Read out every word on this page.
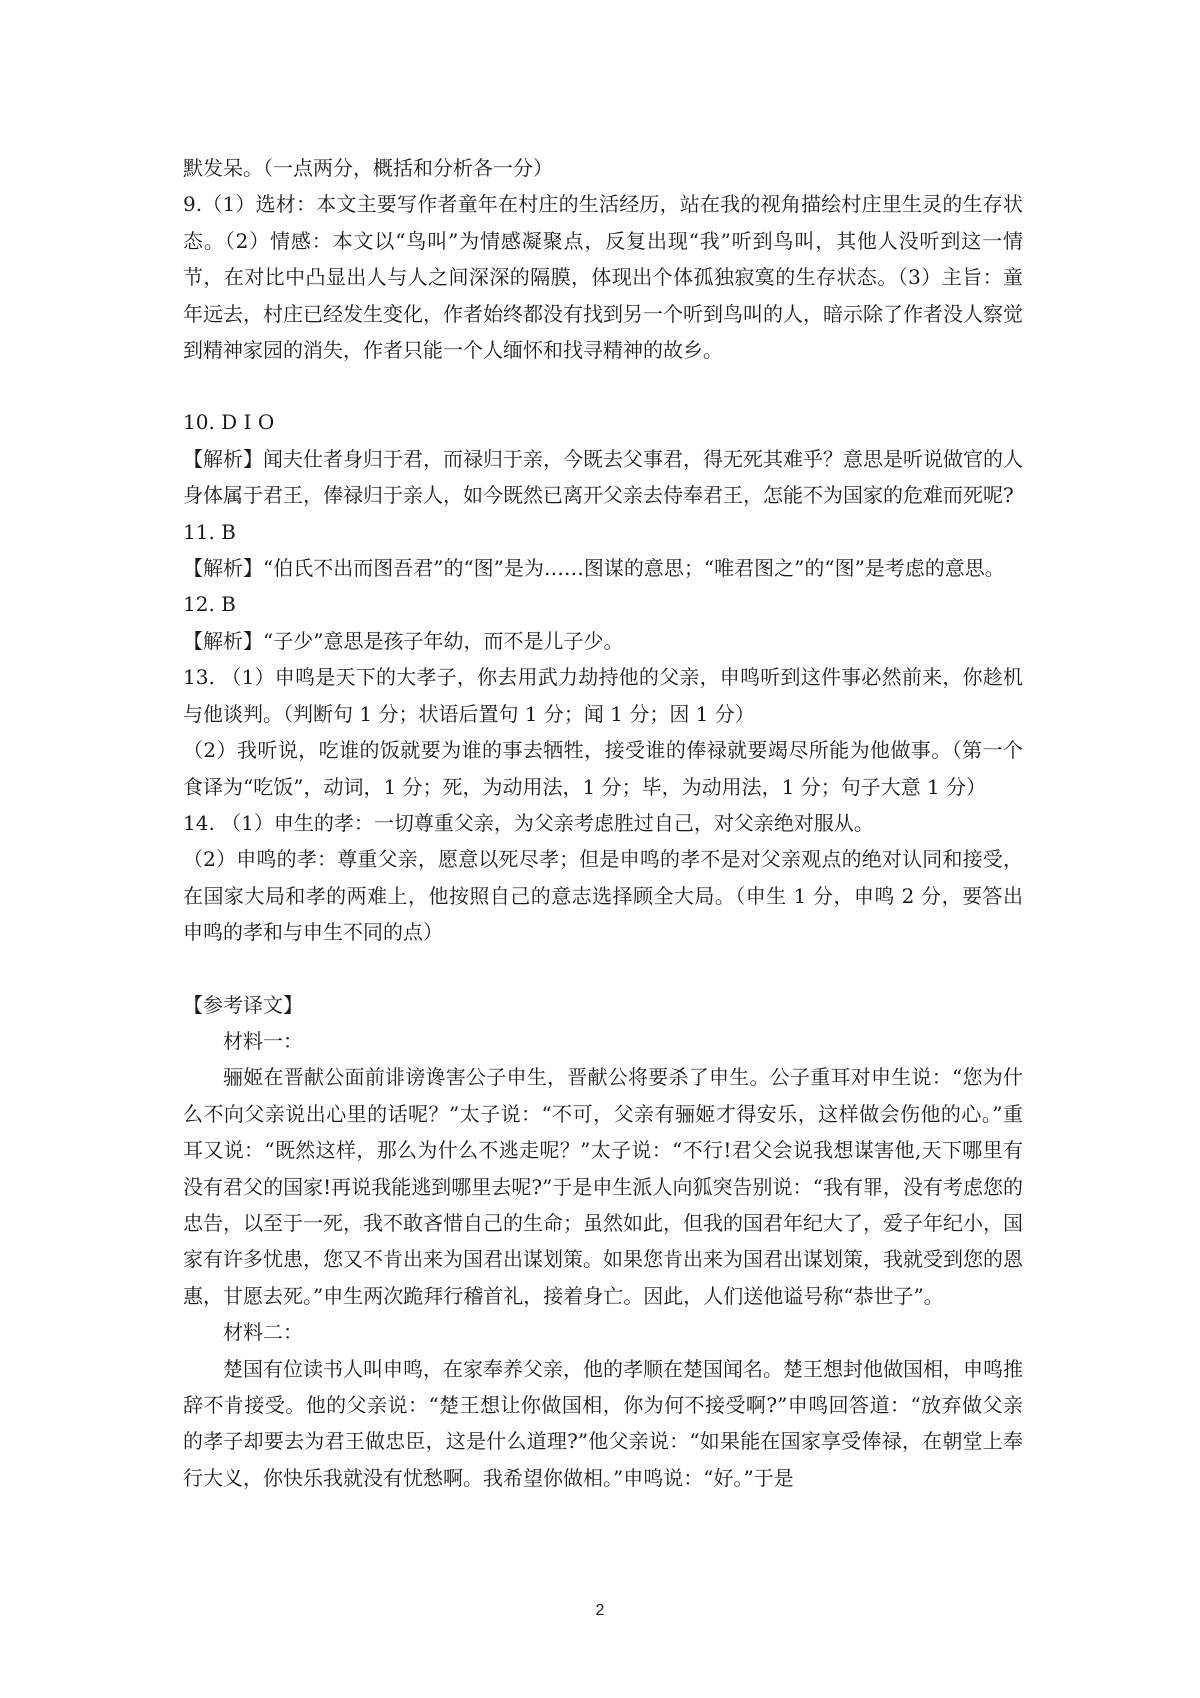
默发呆。（一点两分，概括和分析各一分）

9.（1）选材：本文主要写作者童年在村庄的生活经历，站在我的视角描绘村庄里生灵的生存状态。（2）情感：本文以“鸟叫”为情感凝聚点，反复出现“我”听到鸟叫，其他人没听到这一情节，在对比中凸显出人与人之间深深的隔膜，体现出个体孤独寂寞的生存状态。（3）主旨：童年远去，村庄已经发生变化，作者始终都没有找到另一个听到鸟叫的人，暗示除了作者没人察觉到精神家园的消失，作者只能一个人缅怀和找寻精神的故乡。

10. D I O

【解析】闻夫仕者身归于君，而禄归于亲，今既去父事君，得无死其难乎？意思是听说做官的人身体属于君王，俸禄归于亲人，如今既然已离开父亲去侍奉君王，怎能不为国家的危难而死呢?

11. B

【解析】“伯氏不出而图吾君”的“图”是为……图谋的意思；“唯君图之”的“图”是考虑的意思。

12. B

【解析】“子少”意思是孩子年幼，而不是儿子少。

13. （1）申鸣是天下的大孝子，你去用武力劫持他的父亲，申鸣听到这件事必然前来，你趁机与他谈判。（判断句 1 分；状语后置句 1 分；闻 1 分；因 1 分）

（2）我听说，吃谁的饭就要为谁的事去牺牲，接受谁的俸禄就要竭尽所能为他做事。（第一个食译为“吃饭”，动词，1 分；死，为动用法，1 分；毕，为动用法，1 分；句子大意 1 分）

14. （1）申生的孝：一切尊重父亲，为父亲考虑胜过自己，对父亲绝对服从。

（2）申鸣的孝：尊重父亲，愿意以死尽孝；但是申鸣的孝不是对父亲观点的绝对认同和接受，在国家大局和孝的两难上，他按照自己的意志选择顾全大局。（申生 1 分，申鸣 2 分，要答出申鸣的孝和与申生不同的点）

【参考译文】

材料一：

骊姬在晋献公面前诽谤谗害公子申生，晋献公将要杀了申生。公子重耳对申生说：“您为什么不向父亲说出心里的话呢？”太子说：“不可，父亲有骊姬才得安乐，这样做会伤他的心。”重耳又说：“既然这样，那么为什么不逃走呢？”太子说：“不行!君父会说我想谋害他,天下哪里有没有君父的国家!再说我能逃到哪里去呢?”于是申生派人向狐突告别说：“我有罪，没有考虑您的忠告，以至于一死，我不敢吝惜自己的生命；虽然如此，但我的国君年纪大了，爱子年纪小，国家有许多忧患，您又不肯出来为国君出谋划策。如果您肯出来为国君出谋划策，我就受到您的恩惠，甘愿去死。”申生两次跪拜行稽首礼，接着身亡。因此，人们送他谥号称“恭世子”。

材料二：

楚国有位读书人叫申鸣，在家奉养父亲，他的孝顺在楚国闻名。楚王想封他做国相，申鸣推辞不肯接受。他的父亲说：“楚王想让你做国相，你为何不接受啊?”申鸣回答道：“放弃做父亲的孝子却要去为君王做忠臣，这是什么道理?”他父亲说：“如果能在国家享受俸禄，在朝堂上奉行大义，你快乐我就没有忧愁啊。我希望你做相。”申鸣说：“好。”于是

2
